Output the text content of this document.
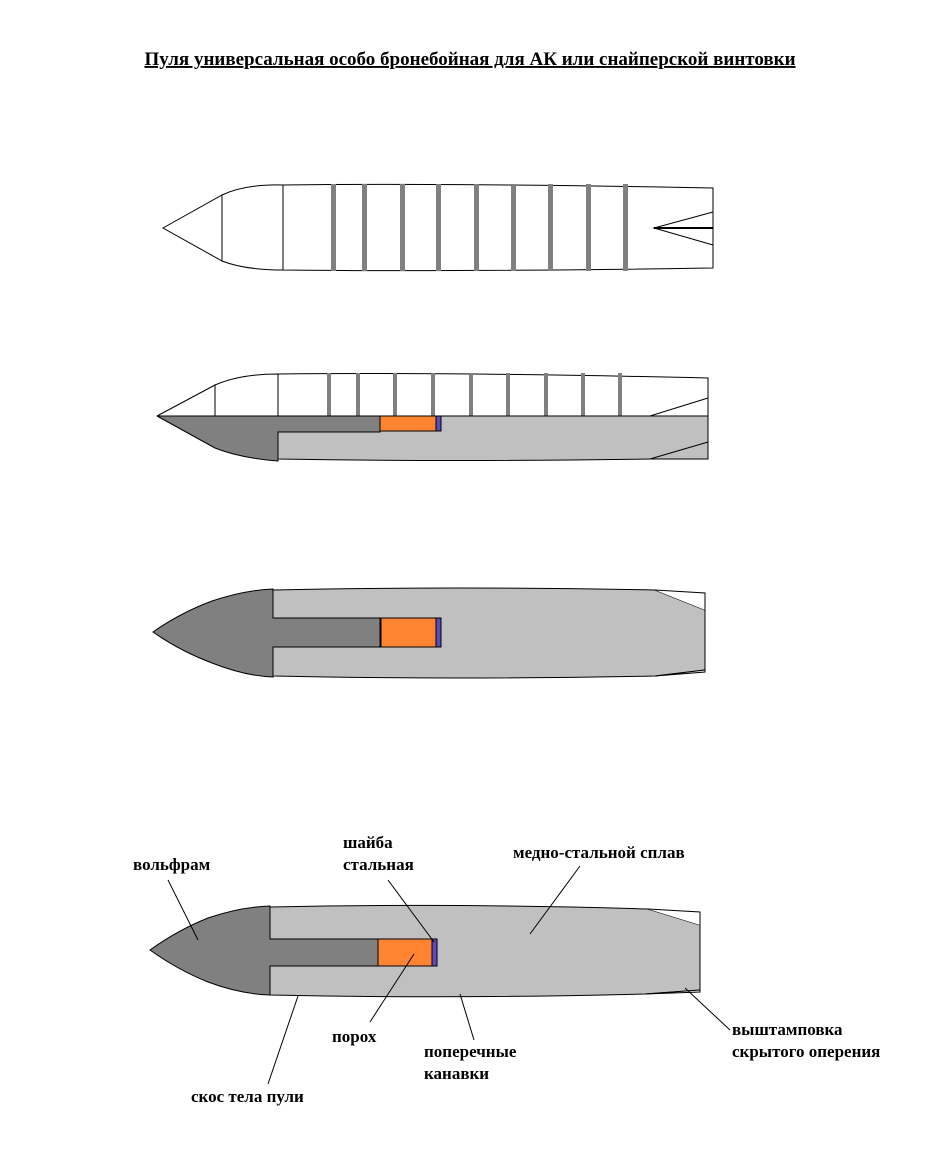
Пуля универсальная особо бронебойная для АК или снайперской винтовки
вольфрам
шайба
стальная
медно-стальной сплав
порох
поперечные
канавки
выштамповка
скрытого оперения
скос тела пули
